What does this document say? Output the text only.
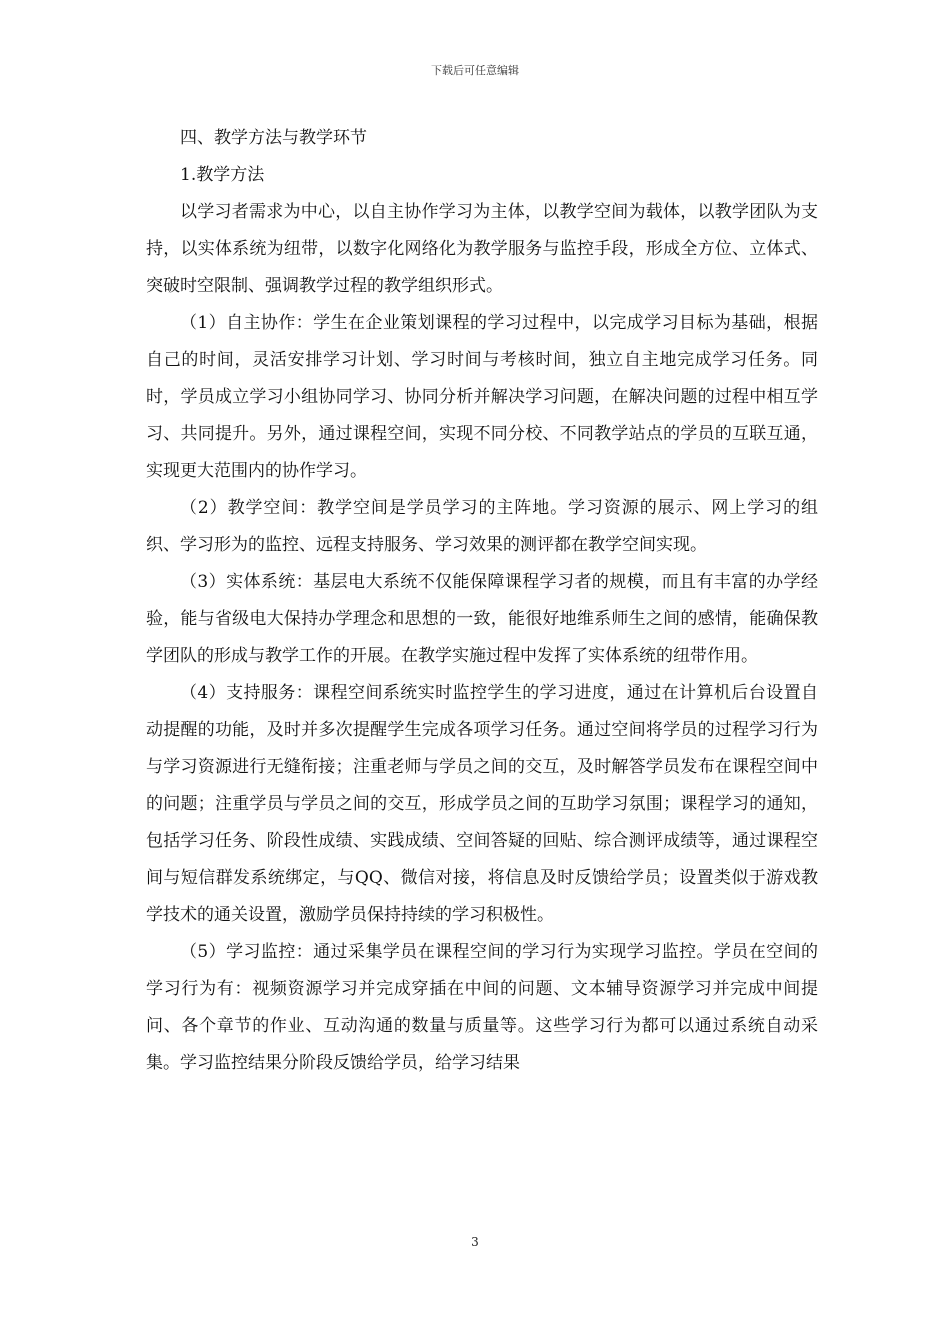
下载后可任意编辑

四、教学方法与教学环节

1.教学方法

以学习者需求为中心，以自主协作学习为主体，以教学空间为载体，以教学团队为支持，以实体系统为纽带，以数字化网络化为教学服务与监控手段，形成全方位、立体式、突破时空限制、强调教学过程的教学组织形式。

（1）自主协作：学生在企业策划课程的学习过程中，以完成学习目标为基础，根据自己的时间，灵活安排学习计划、学习时间与考核时间，独立自主地完成学习任务。同时，学员成立学习小组协同学习、协同分析并解决学习问题，在解决问题的过程中相互学习、共同提升。另外，通过课程空间，实现不同分校、不同教学站点的学员的互联互通，实现更大范围内的协作学习。

（2）教学空间：教学空间是学员学习的主阵地。学习资源的展示、网上学习的组织、学习形为的监控、远程支持服务、学习效果的测评都在教学空间实现。

（3）实体系统：基层电大系统不仅能保障课程学习者的规模，而且有丰富的办学经验，能与省级电大保持办学理念和思想的一致，能很好地维系师生之间的感情，能确保教学团队的形成与教学工作的开展。在教学实施过程中发挥了实体系统的纽带作用。

（4）支持服务：课程空间系统实时监控学生的学习进度，通过在计算机后台设置自动提醒的功能，及时并多次提醒学生完成各项学习任务。通过空间将学员的过程学习行为与学习资源进行无缝衔接；注重老师与学员之间的交互，及时解答学员发布在课程空间中的问题；注重学员与学员之间的交互，形成学员之间的互助学习氛围；课程学习的通知，包括学习任务、阶段性成绩、实践成绩、空间答疑的回贴、综合测评成绩等，通过课程空间与短信群发系统绑定，与QQ、微信对接，将信息及时反馈给学员；设置类似于游戏教学技术的通关设置，激励学员保持持续的学习积极性。

（5）学习监控：通过采集学员在课程空间的学习行为实现学习监控。学员在空间的学习行为有：视频资源学习并完成穿插在中间的问题、文本辅导资源学习并完成中间提问、各个章节的作业、互动沟通的数量与质量等。这些学习行为都可以通过系统自动采集。学习监控结果分阶段反馈给学员，给学习结果

3
